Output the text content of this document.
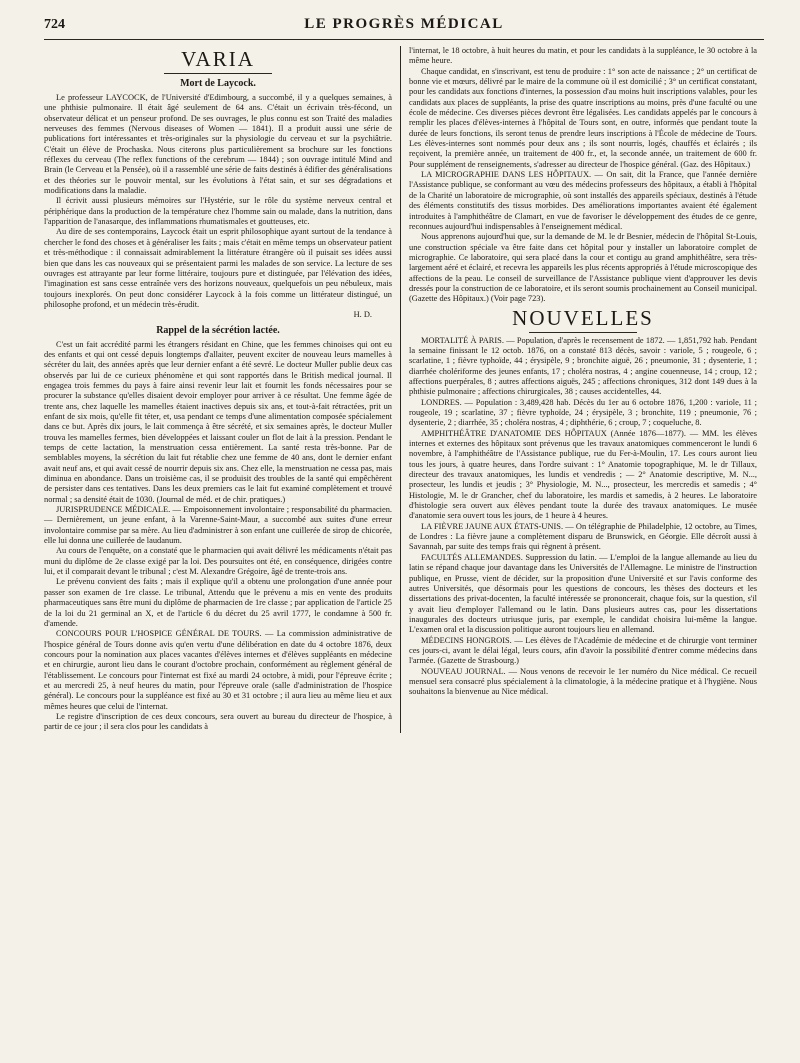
724	LE PROGRÈS MÉDICAL
VARIA
Mort de Laycock.

Le professeur LAYCOCK, de l'Université d'Edimbourg, a succombé, il y a quelques semaines, à une phthisie pulmonaire. Il était âgé seulement de 64 ans. C'était un écrivain très-fécond, un observateur délicat et un penseur profond. De ses ouvrages, le plus connu est son Traité des maladies nerveuses des femmes (Nervous diseases of Women — 1841). Il a produit aussi une série de publications fort intéressantes et très-originales sur la physiologie du cerveau et sur la psychiâtrie. C'était un élève de Prochaska. Nous citerons plus particulièrement sa brochure sur les fonctions réflexes du cerveau (The reflex functions of the cerebrum — 1844) ; son ouvrage intitulé Mind and Brain (le Cerveau et la Pensée), où il a rassemblé une série de faits destinés à édifier des généralisations et des théories sur le pouvoir mental, sur les évolutions à l'état sain, et sur ses dégradations et modifications dans la maladie.

Il écrivit aussi plusieurs mémoires sur l'Hystérie, sur le rôle du système nerveux central et périphérique dans la production de la température chez l'homme sain ou malade, dans la nutrition, dans l'apparition de l'anasarque, des inflammations rhumatismales et goutteuses, etc.

Au dire de ses contemporains, Laycock était un esprit philosophique ayant surtout de la tendance à chercher le fond des choses et à généraliser les faits ; mais c'était en même temps un observateur patient et très-méthodique : il connaissait admirablement la littérature étrangère où il puisait ses idées aussi bien que dans les cas nouveaux qui se présentaient parmi les malades de son service. La lecture de ses ouvrages est attrayante par leur forme littéraire, toujours pure et distinguée, par l'élévation des idées, l'imagination est sans cesse entraînée vers des horizons nouveaux, quelquefois un peu nébuleux, mais toujours inexplorés. On peut donc considérer Laycock à la fois comme un littérateur distingué, un philosophe profond, et un médecin très-érudit.

H. D.
Rappel de la sécrétion lactée.

C'est un fait accrédité parmi les étrangers résidant en Chine, que les femmes chinoises qui ont eu des enfants et qui ont cessé depuis longtemps d'allaiter, peuvent exciter de nouveau leurs mamelles à sécréter du lait, des années après que leur dernier enfant a été sevré. Le docteur Muller publie deux cas observés par lui de ce curieux phénomène et qui sont rapportés dans le British medical journal. Il engagea trois femmes du pays à faire ainsi revenir leur lait et fournit les fonds nécessaires pour se procurer la substance qu'elles disaient devoir employer pour arriver à ce résultat. Une femme âgée de trente ans, chez laquelle les mamelles étaient inactives depuis six ans, et tout-à-fait rétractées, prit un enfant de six mois, qu'elle fit téter, et, usa pendant ce temps d'une alimentation composée spécialement dans ce but. Après dix jours, le lait commença à être sécrété, et six semaines après, le docteur Muller trouva les mamelles fermes, bien développées et laissant couler un flot de lait à la pression. Pendant le temps de cette lactation, la menstruation cessa entièrement. La santé resta très-bonne. Par de semblables moyens, la sécrétion du lait fut rétablie chez une femme de 40 ans, dont le dernier enfant avait neuf ans, et qui avait cessé de nourrir depuis six ans. Chez elle, la menstruation ne cessa pas, mais diminua en abondance. Dans un troisième cas, il se produisit des troubles de la santé qui empêchèrent de persister dans ces tentatives. Dans les deux premiers cas le lait fut examiné complètement et trouvé normal ; sa densité était de 1030. (Journal de méd. et de chir. pratiques.)

JURISPRUDENCE MÉDICALE. — Empoisonnement involontaire ; responsabilité du pharmacien. — Dernièrement, un jeune enfant, à la Varenne-Saint-Maur, a succombé aux suites d'une erreur involontaire commise par sa mère. Au lieu d'administrer à son enfant une cuillerée de sirop de chicorée, elle lui donna une cuillerée de laudanum.

Au cours de l'enquête, on a constaté que le pharmacien qui avait délivré les médicaments n'était pas muni du diplôme de 2e classe exigé par la loi. Des poursuites ont été, en conséquence, dirigées contre lui, et il comparait devant le tribunal ; c'est M. Alexandre Grégoire, âgé de trente-trois ans.

Le prévenu convient des faits ; mais il explique qu'il a obtenu une prolongation d'une année pour passer son examen de 1re classe. Le tribunal, Attendu que le prévenu a mis en vente des produits pharmaceutiques sans être muni du diplôme de pharmacien de 1re classe ; par application de l'article 25 de la loi du 21 germinal an X, et de l'article 6 du décret du 25 avril 1777, le condamne à 500 fr. d'amende.

CONCOURS POUR L'HOSPICE GÉNÉRAL DE TOURS. — La commission administrative de l'hospice général de Tours donne avis qu'en vertu d'une délibération en date du 4 octobre 1876, deux concours pour la nomination aux places vacantes d'élèves internes et d'élèves suppléants en médecine et en chirurgie, auront lieu dans le courant d'octobre prochain, conformément au règlement général de l'établissement. Le concours pour l'internat est fixé au mardi 24 octobre, à midi, pour l'épreuve écrite ; et au mercredi 25, à neuf heures du matin, pour l'épreuve orale (salle d'administration de l'hospice général). Le concours pour la suppléance est fixé au 30 et 31 octobre ; il aura lieu au même lieu et aux mêmes heures que celui de l'internat.

Le registre d'inscription de ces deux concours, sera ouvert au bureau du directeur de l'hospice, à partir de ce jour ; il sera clos pour les candidats à

l'internat, le 18 octobre, à huit heures du matin, et pour les candidats à la suppléance, le 30 octobre à la même heure.

Chaque candidat, en s'inscrivant, est tenu de produire : 1° son acte de naissance ; 2° un certificat de bonne vie et mœurs, délivré par le maire de la commune où il est domicilié ; 3° un certificat constatant, pour les candidats aux fonctions d'internes, la possession d'au moins huit inscriptions valables, pour les candidats aux places de suppléants, la prise des quatre inscriptions au moins, près d'une faculté ou une école de médecine. Ces diverses pièces devront être légalisées. Les candidats appelés par le concours à remplir les places d'élèves-internes à l'hôpital de Tours sont, en outre, informés que pendant toute la durée de leurs fonctions, ils seront tenus de prendre leurs inscriptions à l'École de médecine de Tours. Les élèves-internes sont nommés pour deux ans ; ils sont nourris, logés, chauffés et éclairés ; ils reçoivent, la première année, un traitement de 400 fr., et, la seconde année, un traitement de 600 fr. Pour supplément de renseignements, s'adresser au directeur de l'hospice général. (Gaz. des Hôpitaux.)

LA MICROGRAPHIE DANS LES HÔPITAUX. — On sait, dit la France, que l'année dernière l'Assistance publique, se conformant au vœu des médecins professeurs des hôpitaux, a établi à l'hôpital de la Charité un laboratoire de micrographie, où sont installés des appareils spéciaux, destinés à l'étude des éléments constitutifs des tissus morbides. Des améliorations importantes avaient été également introduites à l'amphithéâtre de Clamart, en vue de favoriser le développement des études de ce genre, reconnues aujourd'hui indispensables à l'enseignement médical.

Nous apprenons aujourd'hui que, sur la demande de M. le dr Besnier, médecin de l'hôpital St-Louis, une construction spéciale va être faite dans cet hôpital pour y installer un laboratoire complet de micrographie. Ce laboratoire, qui sera placé dans la cour et contigu au grand amphithéâtre, sera très-largement aéré et éclairé, et recevra les appareils les plus récents appropriés à l'étude microscopique des affections de la peau. Le conseil de surveillance de l'Assistance publique vient d'approuver les devis dressés pour la construction de ce laboratoire, et ils seront soumis prochainement au Conseil municipal. (Gazette des Hôpitaux.) (Voir page 723).

NOUVELLES

MORTALITÉ À PARIS. — Population, d'après le recensement de 1872. — 1,851,792 hab. Pendant la semaine finissant le 12 octob. 1876, on a constaté 813 décès, savoir : variole, 5 ; rougeole, 6 ; scarlatine, 1 ; fièvre typhoïde, 44 ; érysipèle, 9 ; bronchite aiguë, 26 ; pneumonie, 31 ; dysenterie, 1 ; diarrhée cholériforme des jeunes enfants, 17 ; choléra nostras, 4 ; angine couenneuse, 14 ; croup, 12 ; affections puerpérales, 8 ; autres affections aiguës, 245 ; affections chroniques, 312 dont 149 dues à la phthisie pulmonaire ; affections chirurgicales, 38 ; causes accidentelles, 44.

LONDRES. — Population : 3,489,428 hab. Décès du 1er au 6 octobre 1876, 1,200 : variole, 11 ; rougeole, 19 ; scarlatine, 37 ; fièvre typhoïde, 24 ; érysipèle, 3 ; bronchite, 119 ; pneumonie, 76 ; dysenterie, 2 ; diarrhée, 35 ; choléra nostras, 4 ; diphthérie, 6 ; croup, 7 ; coqueluche, 8.

AMPHITHÉÂTRE D'ANATOMIE DES HÔPITAUX (Année 1876—1877). — MM. les élèves internes et externes des hôpitaux sont prévenus que les travaux anatomiques commenceront le lundi 6 novembre, à l'amphithéâtre de l'Assistance publique, rue du Fer-à-Moulin, 17. Les cours auront lieu tous les jours, à quatre heures, dans l'ordre suivant : 1° Anatomie topographique, M. le dr Tillaux, directeur des travaux anatomiques, les lundis et vendredis ; — 2° Anatomie descriptive, M. N..., prosecteur, les lundis et jeudis ; 3° Physiologie, M. N..., prosecteur, les mercredis et samedis ; 4° Histologie, M. le dr Grancher, chef du laboratoire, les mardis et samedis, à 2 heures. Le laboratoire d'histologie sera ouvert aux élèves pendant toute la durée des travaux anatomiques. Le musée d'anatomie sera ouvert tous les jours, de 1 heure à 4 heures.

LA FIÈVRE JAUNE AUX ÉTATS-UNIS. — On télégraphie de Philadelphie, 12 octobre, au Times, de Londres : La fièvre jaune a complètement disparu de Brunswick, en Géorgie. Elle décroît aussi à Savannah, par suite des temps frais qui règnent à présent.

FACULTÉS ALLEMANDES. Suppression du latin. — L'emploi de la langue allemande au lieu du latin se répand chaque jour davantage dans les Universités de l'Allemagne. Le ministre de l'instruction publique, en Prusse, vient de décider, sur la proposition d'une Université et sur l'avis conforme des autres Universités, que désormais pour les questions de concours, les thèses des docteurs et les dissertations des privat-docenten, la faculté intéressée se prononcerait, chaque fois, sur la question, s'il y avait lieu d'employer l'allemand ou le latin. Dans plusieurs autres cas, pour les dissertations inaugurales des docteurs utriusque juris, par exemple, le candidat choisira lui-même la langue. L'examen oral et la discussion politique auront toujours lieu en allemand.

MÉDECINS HONGROIS. — Les élèves de l'Académie de médecine et de chirurgie vont terminer ces jours-ci, avant le délai légal, leurs cours, afin d'avoir la possibilité d'entrer comme médecins dans l'armée. (Gazette de Strasbourg.)

NOUVEAU JOURNAL. — Nous venons de recevoir le 1er numéro du Nice médical. Ce recueil mensuel sera consacré plus spécialement à la climatologie, à la médecine pratique et à l'hygiène. Nous souhaitons la bienvenue au Nice médical.
